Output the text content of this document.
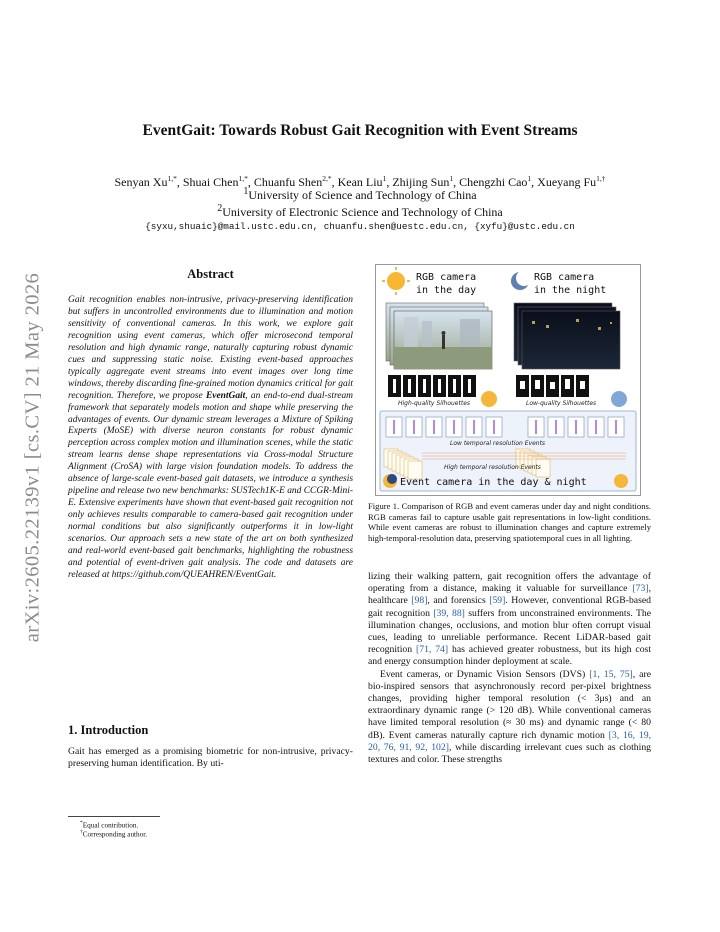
arXiv:2605.22139v1 [cs.CV] 21 May 2026
EventGait: Towards Robust Gait Recognition with Event Streams
Senyan $Xu^{1,*}$, Shuai Chen$^{1,*}$, Chuanfu Shen$^{2,*}$, Kean Liu$^1$, Zhijing Sun$^1$, Chengzhi Cao$^1$, Xueyang $Fu^{1,\dagger}$
$^1$University of Science and Technology of China
$^2$University of Electronic Science and Technology of China
{syxu,shuaic}@mail.ustc.edu.cn, chuanfu.shen@uestc.edu.cn, {xyfu}@ustc.edu.cn
Abstract
Gait recognition enables non-intrusive, privacy-preserving identification but suffers in uncontrolled environments due to illumination and motion sensitivity of conventional cameras. In this work, we explore gait recognition using event cameras, which offer microsecond temporal resolution and high dynamic range, naturally capturing robust dynamic cues and suppressing static noise. Existing event-based approaches typically aggregate event streams into event images over long time windows, thereby discarding fine-grained motion dynamics critical for gait recognition. Therefore, we propose EventGait, an end-to-end dual-stream framework that separately models motion and shape while preserving the advantages of events. Our dynamic stream leverages a Mixture of Spiking Experts (MoSE) with diverse neuron constants for robust dynamic perception across complex motion and illumination scenes, while the static stream learns dense shape representations via Cross-modal Structure Alignment (CroSA) with large vision foundation models. To address the absence of large-scale event-based gait datasets, we introduce a synthesis pipeline and release two new benchmarks: SUSTech1K-E and CCGR-Mini-E. Extensive experiments have shown that event-based gait recognition not only achieves results comparable to camera-based gait recognition under normal conditions but also significantly outperforms it in low-light scenarios. Our approach sets a new state of the art on both synthesized and real-world event-based gait benchmarks, highlighting the robustness and potential of event-driven gait analysis. The code and datasets are released at https://github.com/QUEAHREN/EventGait.
1. Introduction
Gait has emerged as a promising biometric for non-intrusive, privacy-preserving human identification. By uti-
*Equal contribution.
†Corresponding author.
RGB camera
in the day
RGB camera
in the night
High-quality Silhouettes	Low-quality Silhouettes
Low temporal resolution Events
High temporal resolution Events
Event camera in the day & night
Figure 1. Comparison of RGB and event cameras under day and night conditions. RGB cameras fail to capture usable gait representations in low-light conditions. While event cameras are robust to illumination changes and capture extremely high-temporal-resolution data, preserving spatiotemporal cues in all lighting.
lizing their walking pattern, gait recognition offers the advantage of operating from a distance, making it valuable for surveillance [73], healthcare [98], and forensics [59]. However, conventional RGB-based gait recognition [39, 88] suffers from unconstrained environments. The illumination changes, occlusions, and motion blur often corrupt visual cues, leading to unreliable performance. Recent LiDAR-based gait recognition [71, 74] has achieved greater robustness, but its high cost and energy consumption hinder deployment at scale.
Event cameras, or Dynamic Vision Sensors (DVS) [1, 15, 75], are bio-inspired sensors that asynchronously record per-pixel brightness changes, providing higher temporal resolution (< 3μs) and an extraordinary dynamic range (> 120 dB). While conventional cameras have limited temporal resolution (≈ 30 ms) and dynamic range (< 80 dB). Event cameras naturally capture rich dynamic motion [3, 16, 19, 20, 76, 91, 92, 102], while discarding irrelevant cues such as clothing textures and color. These strengths
